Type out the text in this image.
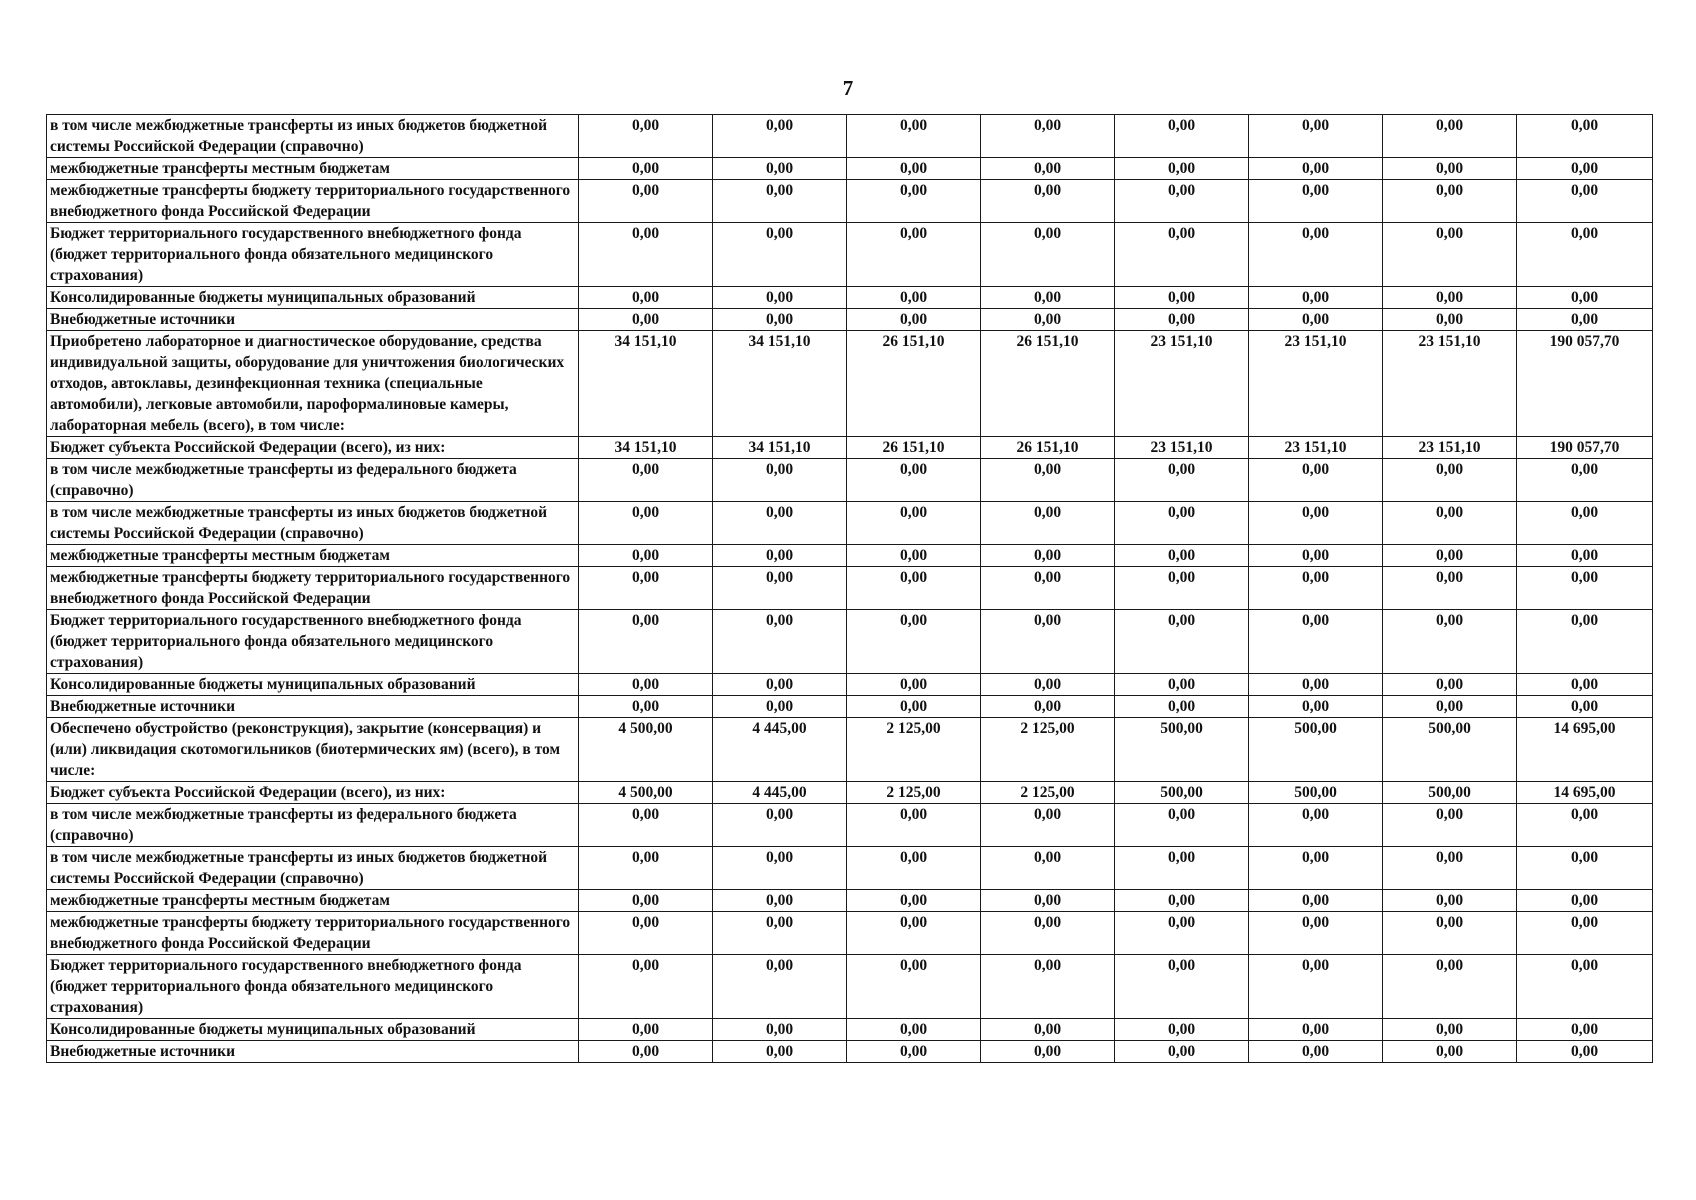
7
в том числе межбюджетные трансферты из иных бюджетов бюджетной системы Российской Федерации (справочно)	0,00	0,00	0,00	0,00	0,00	0,00	0,00	0,00
межбюджетные трансферты местным бюджетам	0,00	0,00	0,00	0,00	0,00	0,00	0,00	0,00
межбюджетные трансферты бюджету территориального государственного внебюджетного фонда Российской Федерации	0,00	0,00	0,00	0,00	0,00	0,00	0,00	0,00
Бюджет территориального государственного внебюджетного фонда (бюджет территориального фонда обязательного медицинского страхования)	0,00	0,00	0,00	0,00	0,00	0,00	0,00	0,00
Консолидированные бюджеты муниципальных образований	0,00	0,00	0,00	0,00	0,00	0,00	0,00	0,00
Внебюджетные источники	0,00	0,00	0,00	0,00	0,00	0,00	0,00	0,00
Приобретено лабораторное и диагностическое оборудование, средства индивидуальной защиты, оборудование для уничтожения биологических отходов, автоклавы, дезинфекционная техника (специальные автомобили), легковые автомобили, пароформалиновые камеры, лабораторная мебель (всего), в том числе:	34 151,10	34 151,10	26 151,10	26 151,10	23 151,10	23 151,10	23 151,10	190 057,70
Бюджет субъекта Российской Федерации (всего), из них:	34 151,10	34 151,10	26 151,10	26 151,10	23 151,10	23 151,10	23 151,10	190 057,70
в том числе межбюджетные трансферты из федерального бюджета (справочно)	0,00	0,00	0,00	0,00	0,00	0,00	0,00	0,00
в том числе межбюджетные трансферты из иных бюджетов бюджетной системы Российской Федерации (справочно)	0,00	0,00	0,00	0,00	0,00	0,00	0,00	0,00
межбюджетные трансферты местным бюджетам	0,00	0,00	0,00	0,00	0,00	0,00	0,00	0,00
межбюджетные трансферты бюджету территориального государственного внебюджетного фонда Российской Федерации	0,00	0,00	0,00	0,00	0,00	0,00	0,00	0,00
Бюджет территориального государственного внебюджетного фонда (бюджет территориального фонда обязательного медицинского страхования)	0,00	0,00	0,00	0,00	0,00	0,00	0,00	0,00
Консолидированные бюджеты муниципальных образований	0,00	0,00	0,00	0,00	0,00	0,00	0,00	0,00
Внебюджетные источники	0,00	0,00	0,00	0,00	0,00	0,00	0,00	0,00
Обеспечено обустройство (реконструкция), закрытие (консервация) и (или) ликвидация скотомогильников (биотермических ям) (всего), в том числе:	4 500,00	4 445,00	2 125,00	2 125,00	500,00	500,00	500,00	14 695,00
Бюджет субъекта Российской Федерации (всего), из них:	4 500,00	4 445,00	2 125,00	2 125,00	500,00	500,00	500,00	14 695,00
в том числе межбюджетные трансферты из федерального бюджета (справочно)	0,00	0,00	0,00	0,00	0,00	0,00	0,00	0,00
в том числе межбюджетные трансферты из иных бюджетов бюджетной системы Российской Федерации (справочно)	0,00	0,00	0,00	0,00	0,00	0,00	0,00	0,00
межбюджетные трансферты местным бюджетам	0,00	0,00	0,00	0,00	0,00	0,00	0,00	0,00
межбюджетные трансферты бюджету территориального государственного внебюджетного фонда Российской Федерации	0,00	0,00	0,00	0,00	0,00	0,00	0,00	0,00
Бюджет территориального государственного внебюджетного фонда (бюджет территориального фонда обязательного медицинского страхования)	0,00	0,00	0,00	0,00	0,00	0,00	0,00	0,00
Консолидированные бюджеты муниципальных образований	0,00	0,00	0,00	0,00	0,00	0,00	0,00	0,00
Внебюджетные источники	0,00	0,00	0,00	0,00	0,00	0,00	0,00	0,00
